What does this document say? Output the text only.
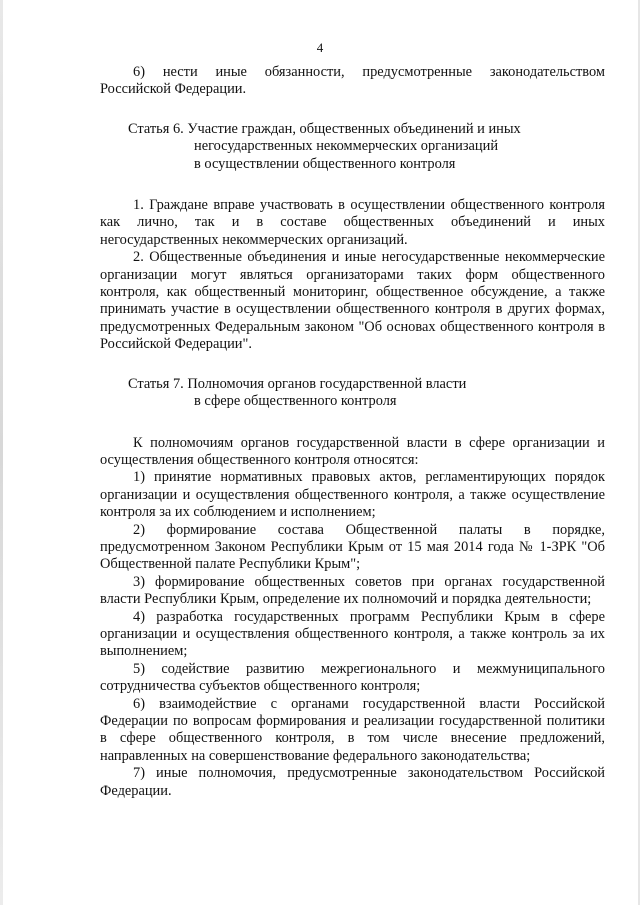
4

6) нести иные обязанности, предусмотренные законодательством Российской Федерации.

Статья 6. Участие граждан, общественных объединений и иных
негосударственных некоммерческих организаций
в осуществлении общественного контроля

1. Граждане вправе участвовать в осуществлении общественного контроля как лично, так и в составе общественных объединений и иных негосударственных некоммерческих организаций.

2. Общественные объединения и иные негосударственные некоммерческие организации могут являться организаторами таких форм общественного контроля, как общественный мониторинг, общественное обсуждение, а также принимать участие в осуществлении общественного контроля в других формах, предусмотренных Федеральным законом "Об основах общественного контроля в Российской Федерации".

Статья 7. Полномочия органов государственной власти
в сфере общественного контроля

К полномочиям органов государственной власти в сфере организации и осуществления общественного контроля относятся:

1) принятие нормативных правовых актов, регламентирующих порядок организации и осуществления общественного контроля, а также осуществление контроля за их соблюдением и исполнением;

2) формирование состава Общественной палаты в порядке, предусмотренном Законом Республики Крым от 15 мая 2014 года № 1-ЗРК "Об Общественной палате Республики Крым";

3) формирование общественных советов при органах государственной власти Республики Крым, определение их полномочий и порядка деятельности;

4) разработка государственных программ Республики Крым в сфере организации и осуществления общественного контроля, а также контроль за их выполнением;

5) содействие развитию межрегионального и межмуниципального сотрудничества субъектов общественного контроля;

6) взаимодействие с органами государственной власти Российской Федерации по вопросам формирования и реализации государственной политики в сфере общественного контроля, в том числе внесение предложений, направленных на совершенствование федерального законодательства;

7) иные полномочия, предусмотренные законодательством Российской Федерации.
